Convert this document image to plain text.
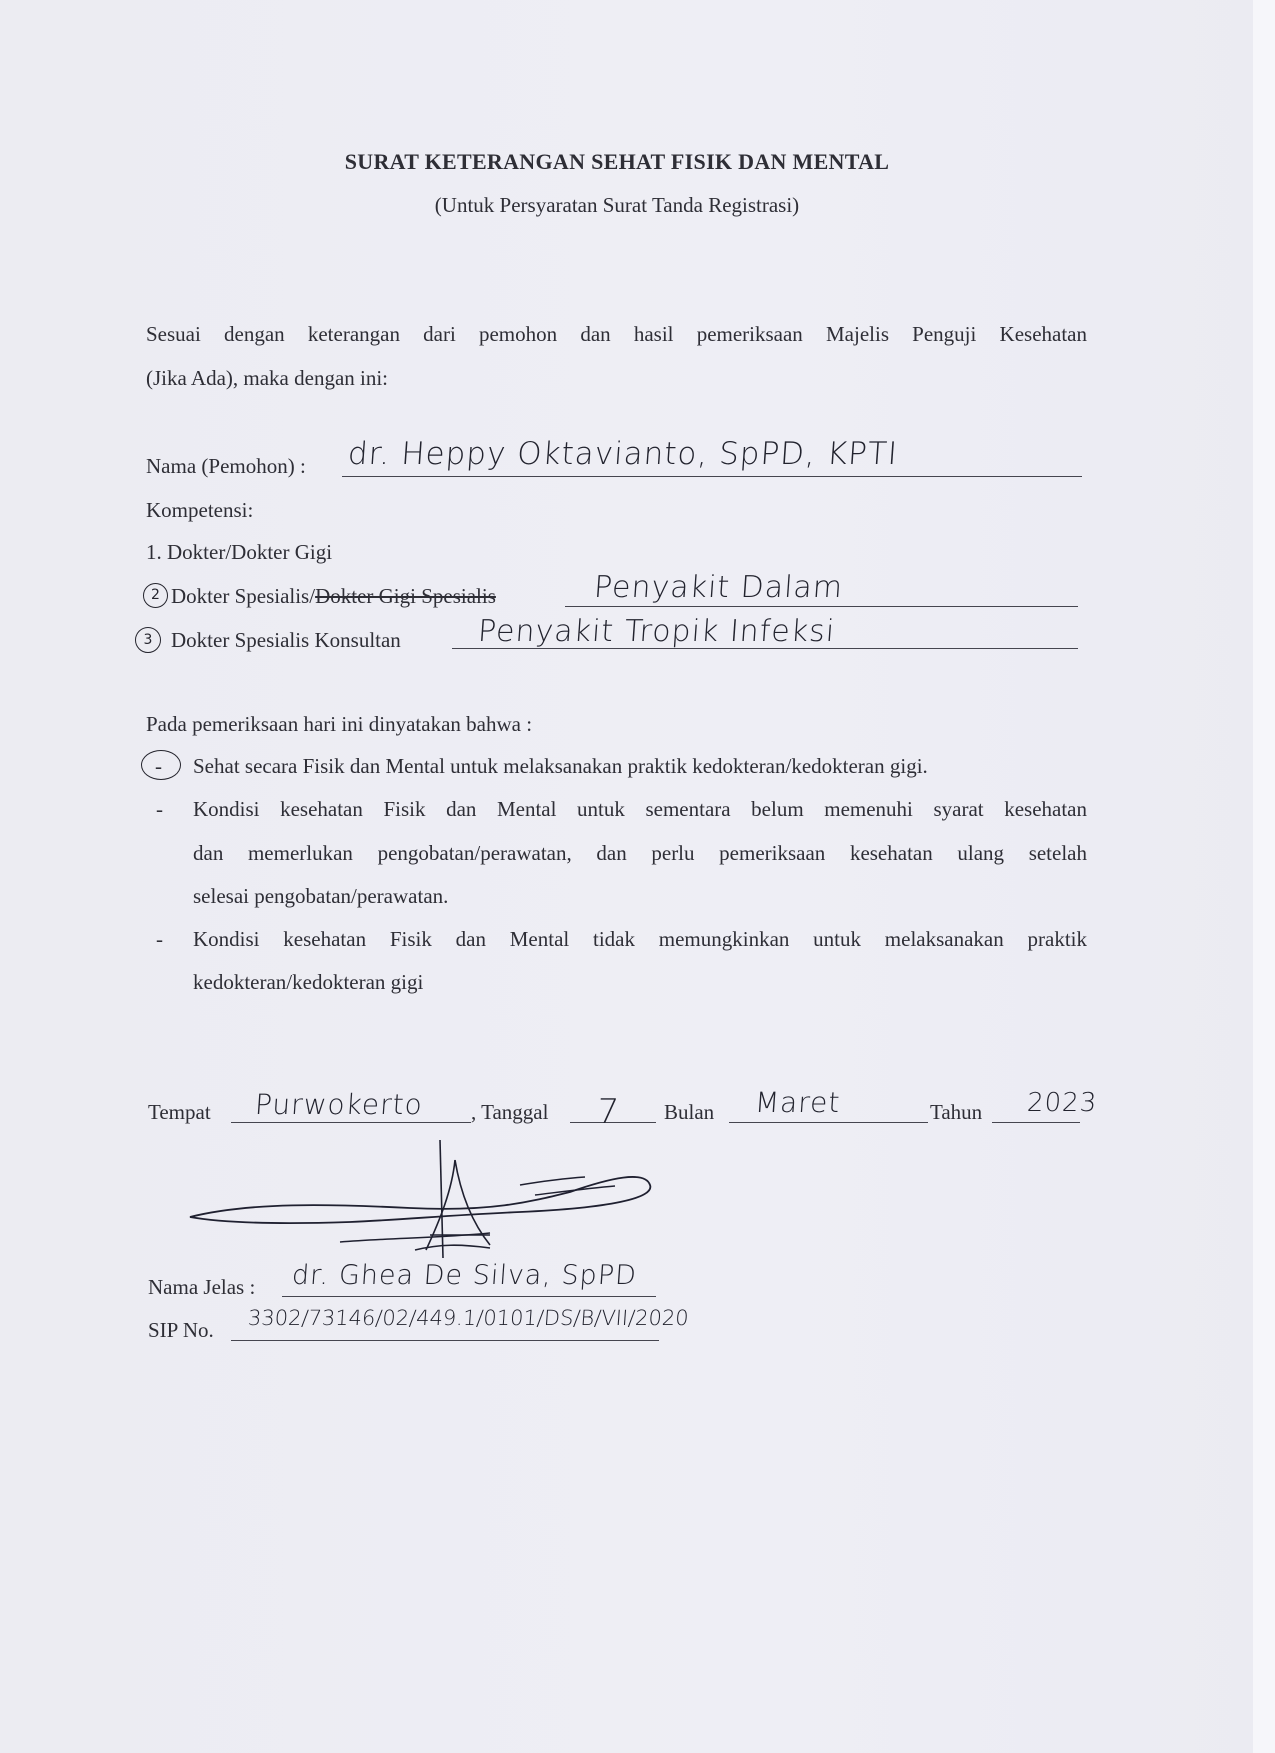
SURAT KETERANGAN SEHAT FISIK DAN MENTAL
(Untuk Persyaratan Surat Tanda Registrasi)
Sesuai dengan keterangan dari pemohon dan hasil pemeriksaan Majelis Penguji Kesehatan
(Jika Ada), maka dengan ini:
Nama (Pemohon) : dr. Heppy Oktavianto, SpPD, KPTI
Kompetensi:
1. Dokter/Dokter Gigi
2 Dokter Spesialis/Dokter Gigi Spesialis	Penyakit Dalam
3 Dokter Spesialis Konsultan	Penyakit Tropik Infeksi
Pada pemeriksaan hari ini dinyatakan bahwa :
- Sehat secara Fisik dan Mental untuk melaksanakan praktik kedokteran/kedokteran gigi.
- Kondisi kesehatan Fisik dan Mental untuk sementara belum memenuhi syarat kesehatan
dan memerlukan pengobatan/perawatan, dan perlu pemeriksaan kesehatan ulang setelah
selesai pengobatan/perawatan.
- Kondisi kesehatan Fisik dan Mental tidak memungkinkan untuk melaksanakan praktik
kedokteran/kedokteran gigi
Tempat Purwokerto , Tanggal 7 Bulan Maret	Tahun 2023
Nama Jelas : dr. Ghea De Silva, SpPD
SIP No. 3302/73146/02/449.1/0101/DS/B/VII/2020
